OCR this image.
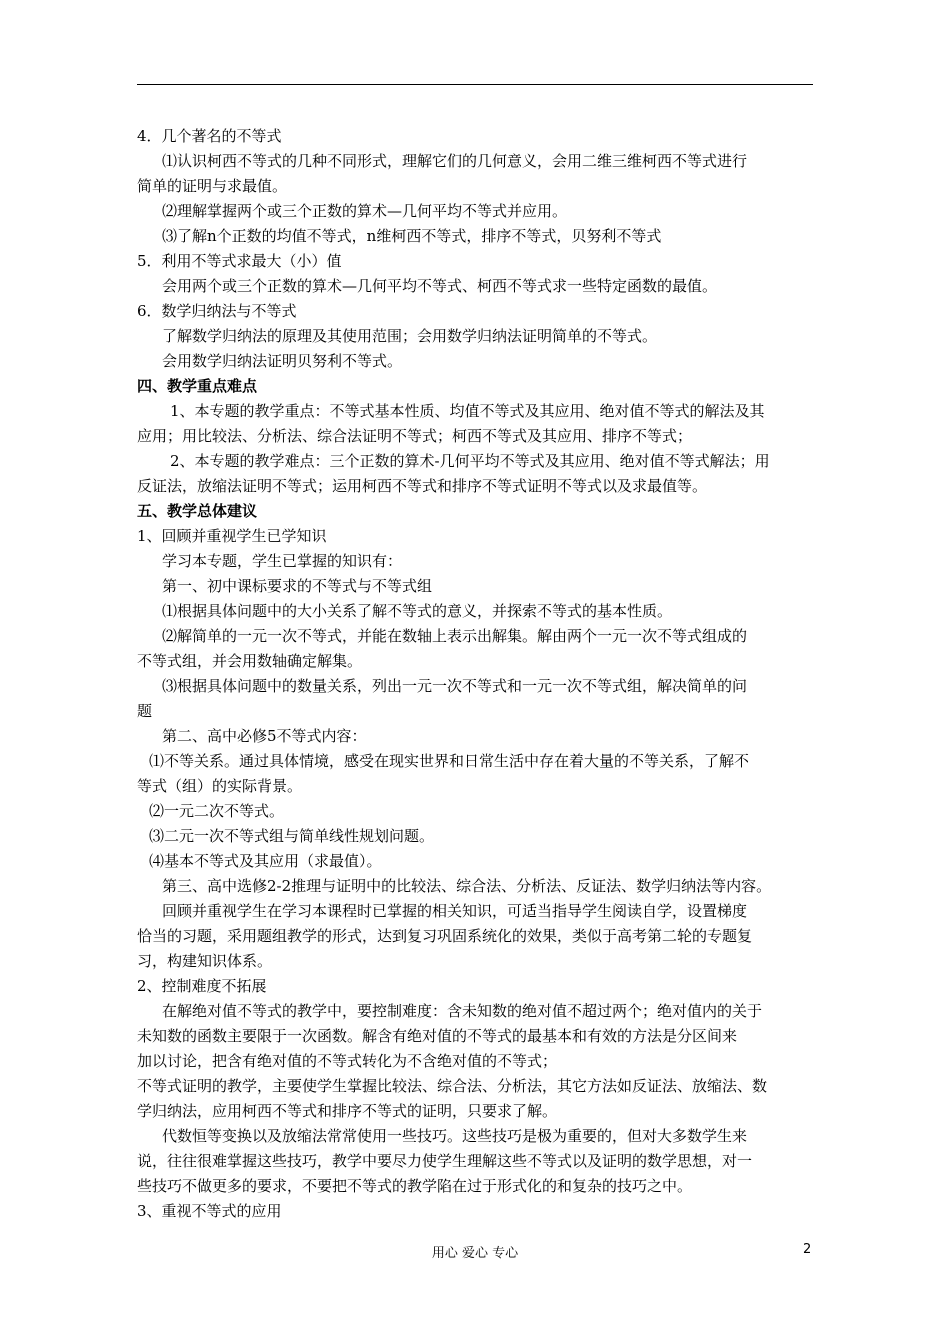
4．几个著名的不等式
⑴认识柯西不等式的几种不同形式，理解它们的几何意义，会用二维三维柯西不等式进行
简单的证明与求最值。
⑵理解掌握两个或三个正数的算术—几何平均不等式并应用。
⑶了解n个正数的均值不等式，n维柯西不等式，排序不等式，贝努利不等式
5．利用不等式求最大（小）值
会用两个或三个正数的算术—几何平均不等式、柯西不等式求一些特定函数的最值。
6．数学归纳法与不等式
了解数学归纳法的原理及其使用范围；会用数学归纳法证明简单的不等式。
会用数学归纳法证明贝努利不等式。
四、教学重点难点
1、本专题的教学重点：不等式基本性质、均值不等式及其应用、绝对值不等式的解法及其
应用；用比较法、分析法、综合法证明不等式；柯西不等式及其应用、排序不等式；
2、本专题的教学难点：三个正数的算术-几何平均不等式及其应用、绝对值不等式解法；用
反证法，放缩法证明不等式；运用柯西不等式和排序不等式证明不等式以及求最值等。
五、教学总体建议
1、回顾并重视学生已学知识
学习本专题，学生已掌握的知识有：
第一、初中课标要求的不等式与不等式组
⑴根据具体问题中的大小关系了解不等式的意义，并探索不等式的基本性质。
⑵解简单的一元一次不等式，并能在数轴上表示出解集。解由两个一元一次不等式组成的
不等式组，并会用数轴确定解集。
⑶根据具体问题中的数量关系，列出一元一次不等式和一元一次不等式组，解决简单的问
题
第二、高中必修5不等式内容：
⑴不等关系。通过具体情境，感受在现实世界和日常生活中存在着大量的不等关系，了解不
等式（组）的实际背景。
⑵一元二次不等式。
⑶二元一次不等式组与简单线性规划问题。
⑷基本不等式及其应用（求最值）。
第三、高中选修2-2推理与证明中的比较法、综合法、分析法、反证法、数学归纳法等内容。
回顾并重视学生在学习本课程时已掌握的相关知识，可适当指导学生阅读自学，设置梯度
恰当的习题，采用题组教学的形式，达到复习巩固系统化的效果，类似于高考第二轮的专题复
习，构建知识体系。
2、控制难度不拓展
在解绝对值不等式的教学中，要控制难度：含未知数的绝对值不超过两个；绝对值内的关于
未知数的函数主要限于一次函数。解含有绝对值的不等式的最基本和有效的方法是分区间来
加以讨论，把含有绝对值的不等式转化为不含绝对值的不等式；
不等式证明的教学，主要使学生掌握比较法、综合法、分析法，其它方法如反证法、放缩法、数
学归纳法，应用柯西不等式和排序不等式的证明，只要求了解。
代数恒等变换以及放缩法常常使用一些技巧。这些技巧是极为重要的，但对大多数学生来
说，往往很难掌握这些技巧，教学中要尽力使学生理解这些不等式以及证明的数学思想，对一
些技巧不做更多的要求，不要把不等式的教学陷在过于形式化的和复杂的技巧之中。
3、重视不等式的应用
用心 爱心 专心	2
